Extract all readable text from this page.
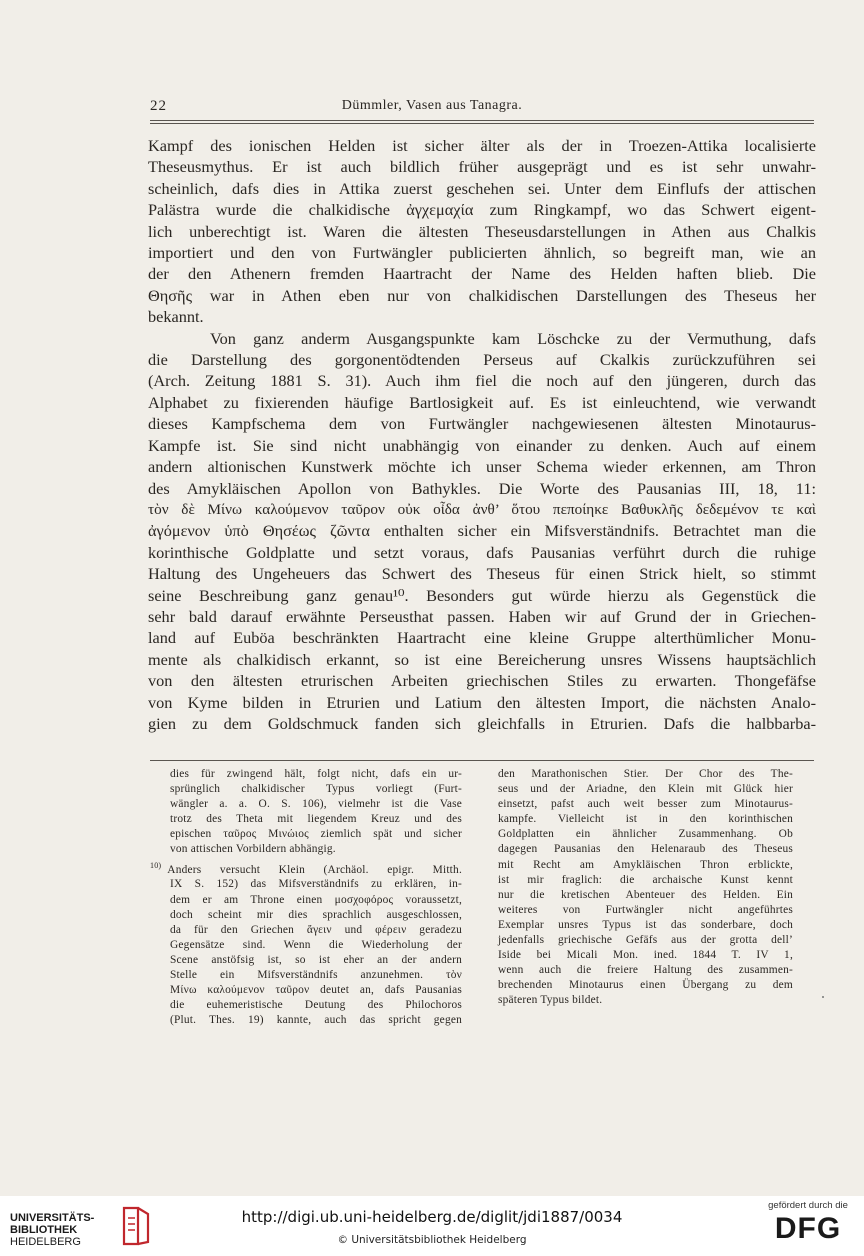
22	Dümmler, Vasen aus Tanagra.
Kampf des ionischen Helden ist sicher älter als der in Troezen-Attika localisierte
Theseusmythus. Er ist auch bildlich früher ausgeprägt und es ist sehr unwahr-
scheinlich, dafs dies in Attika zuerst geschehen sei. Unter dem Einflufs der attischen
Palästra wurde die chalkidische ἀγχεμαχία zum Ringkampf, wo das Schwert eigent-
lich unberechtigt ist. Waren die ältesten Theseusdarstellungen in Athen aus Chalkis
importiert und den von Furtwängler publicierten ähnlich, so begreift man, wie an
der den Athenern fremden Haartracht der Name des Helden haften blieb. Die
Θησῆς war in Athen eben nur von chalkidischen Darstellungen des Theseus her
bekannt.
Von ganz anderm Ausgangspunkte kam Löschcke zu der Vermuthung, dafs
die Darstellung des gorgonentödtenden Perseus auf Ckalkis zurückzuführen sei
(Arch. Zeitung 1881 S. 31). Auch ihm fiel die noch auf den jüngeren, durch das
Alphabet zu fixierenden häufige Bartlosigkeit auf. Es ist einleuchtend, wie verwandt
dieses Kampfschema dem von Furtwängler nachgewiesenen ältesten Minotaurus-
Kampfe ist. Sie sind nicht unabhängig von einander zu denken. Auch auf einem
andern altionischen Kunstwerk möchte ich unser Schema wieder erkennen, am Thron
des Amykläischen Apollon von Bathykles. Die Worte des Pausanias III, 18, 11:
τὸν δὲ Μίνω καλούμενον ταῦρον οὐκ οἶδα ἀνθ’ ὅτου πεποίηκε Βαθυκλῆς δεδεμένον τε καὶ
ἀγόμενον ὑπὸ Θησέως ζῶντα enthalten sicher ein Mifsverständnifs. Betrachtet man die
korinthische Goldplatte und setzt voraus, dafs Pausanias verführt durch die ruhige
Haltung des Ungeheuers das Schwert des Theseus für einen Strick hielt, so stimmt
seine Beschreibung ganz genau¹⁰. Besonders gut würde hierzu als Gegenstück die
sehr bald darauf erwähnte Perseusthat passen. Haben wir auf Grund der in Griechen-
land auf Euböa beschränkten Haartracht eine kleine Gruppe alterthümlicher Monu-
mente als chalkidisch erkannt, so ist eine Bereicherung unsres Wissens hauptsächlich
von den ältesten etrurischen Arbeiten griechischen Stiles zu erwarten. Thongefäfse
von Kyme bilden in Etrurien und Latium den ältesten Import, die nächsten Analo-
gien zu dem Goldschmuck fanden sich gleichfalls in Etrurien. Dafs die halbbarba-
dies für zwingend hält, folgt nicht, dafs ein ur-
sprünglich chalkidischer Typus vorliegt (Furt-
wängler a. a. O. S. 106), vielmehr ist die Vase
trotz des Theta mit liegendem Kreuz und des
epischen ταῦρος Μινώιος ziemlich spät und sicher
von attischen Vorbildern abhängig.
$^{10)}$ Anders versucht Klein (Archäol. epigr. Mitth.
IX S. 152) das Mifsverständnifs zu erklären, in-
dem er am Throne einen μοσχοφόρος voraussetzt,
doch scheint mir dies sprachlich ausgeschlossen,
da für den Griechen ἄγειν und φέρειν geradezu
Gegensätze sind. Wenn die Wiederholung der
Scene anstöfsig ist, so ist eher an der andern
Stelle ein Mifsverständnifs anzunehmen. τὸν
Μίνω καλούμενον ταῦρον deutet an, dafs Pausanias
die euhemeristische Deutung des Philochoros
(Plut. Thes. 19) kannte, auch das spricht gegen
den Marathonischen Stier. Der Chor des The-
seus und der Ariadne, den Klein mit Glück hier
einsetzt, pafst auch weit besser zum Minotaurus-
kampfe. Vielleicht ist in den korinthischen
Goldplatten ein ähnlicher Zusammenhang. Ob
dagegen Pausanias den Helenaraub des Theseus
mit Recht am Amykläischen Thron erblickte,
ist mir fraglich: die archaische Kunst kennt
nur die kretischen Abenteuer des Helden. Ein
weiteres von Furtwängler nicht angeführtes
Exemplar unsres Typus ist das sonderbare, doch
jedenfalls griechische Gefäfs aus der grotta dell’
Iside bei Micali Mon. ined. 1844 T. IV 1,
wenn auch die freiere Haltung des zusammen-
brechenden Minotaurus einen Übergang zu dem
späteren Typus bildet.
UNIVERSITÄTS-
BIBLIOTHEK
HEIDELBERG
http://digi.ub.uni-heidelberg.de/diglit/jdi1887/0034
© Universitätsbibliothek Heidelberg
gefördert durch die
DFG
